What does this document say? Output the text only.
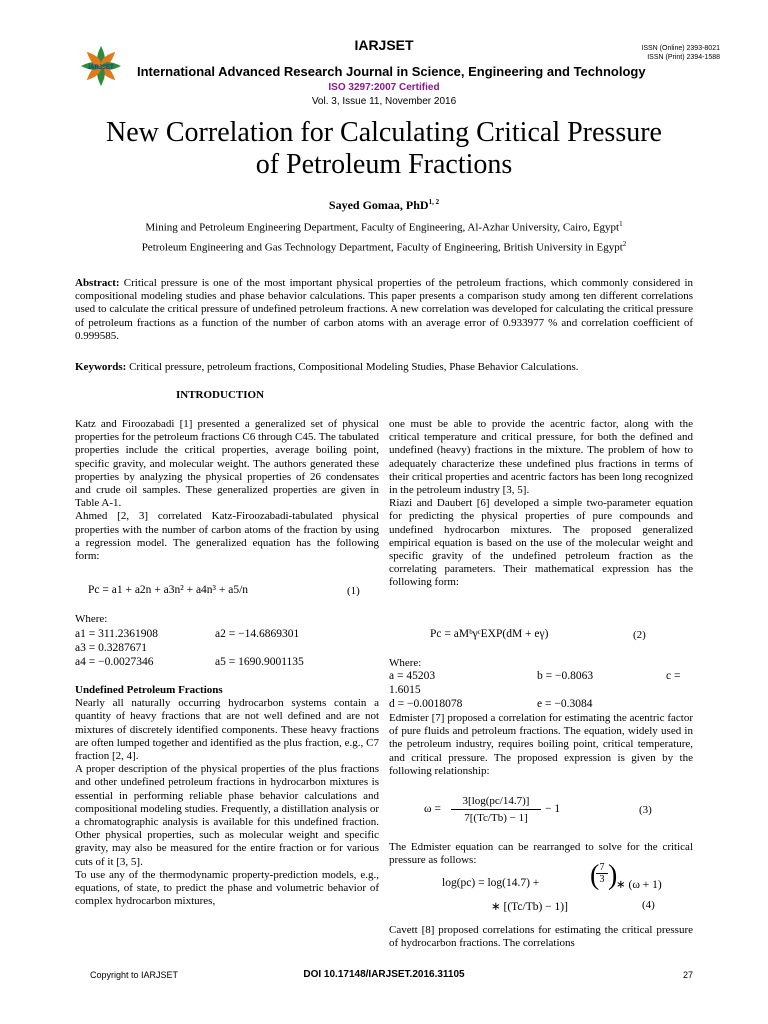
IARJSET
IARJSET	ISSN (Online) 2393-8021
ISSN (Print) 2394-1588
International Advanced Research Journal in Science, Engineering and Technology
ISO 3297:2007 Certified
Vol. 3, Issue 11, November 2016
New Correlation for Calculating Critical Pressure
of Petroleum Fractions
Sayed Gomaa, PhD$^{1, 2}$
Mining and Petroleum Engineering Department, Faculty of Engineering, Al-Azhar University, Cairo, Egypt$^1$
Petroleum Engineering and Gas Technology Department, Faculty of Engineering, British University in Egypt$^2$
Abstract: Critical pressure is one of the most important physical properties of the petroleum fractions, which commonly considered in compositional modeling studies and phase behavior calculations. This paper presents a comparison study among ten different correlations used to calculate the critical pressure of undefined petroleum fractions. A new correlation was developed for calculating the critical pressure of petroleum fractions as a function of the number of carbon atoms with an average error of 0.933977 % and correlation coefficient of 0.999585.
Keywords: Critical pressure, petroleum fractions, Compositional Modeling Studies, Phase Behavior Calculations.
INTRODUCTION

Katz and Firoozabadi [1] presented a generalized set of physical properties for the petroleum fractions C6 through C45. The tabulated properties include the critical properties, average boiling point, specific gravity, and molecular weight. The authors generated these properties by analyzing the physical properties of 26 condensates and crude oil samples. These generalized properties are given in Table A-1.

Ahmed [2, 3] correlated Katz-Firoozabadi-tabulated physical properties with the number of carbon atoms of the fraction by using a regression model. The generalized equation has the following form:

Pc = a1 + a2n + a3n² + a4n³ + a5/n	(1)
Where:
a1 = 311.2361908	a2 = −14.6869301
a3 = 0.3287671
a4 = −0.0027346	a5 = 1690.9001135

Undefined Petroleum Fractions

Nearly all naturally occurring hydrocarbon systems contain a quantity of heavy fractions that are not well defined and are not mixtures of discretely identified components. These heavy fractions are often lumped together and identified as the plus fraction, e.g., C7 fraction [2, 4].

A proper description of the physical properties of the plus fractions and other undefined petroleum fractions in hydrocarbon mixtures is essential in performing reliable phase behavior calculations and compositional modeling studies. Frequently, a distillation analysis or a chromatographic analysis is available for this undefined fraction. Other physical properties, such as molecular weight and specific gravity, may also be measured for the entire fraction or for various cuts of it [3, 5].

To use any of the thermodynamic property-prediction models, e.g., equations, of state, to predict the phase and volumetric behavior of complex hydrocarbon mixtures,

one must be able to provide the acentric factor, along with the critical temperature and critical pressure, for both the defined and undefined (heavy) fractions in the mixture. The problem of how to adequately characterize these undefined plus fractions in terms of their critical properties and acentric factors has been long recognized in the petroleum industry [3, 5].

Riazi and Daubert [6] developed a simple two-parameter equation for predicting the physical properties of pure compounds and undefined hydrocarbon mixtures. The proposed generalized empirical equation is based on the use of the molecular weight and specific gravity of the undefined petroleum fraction as the correlating parameters. Their mathematical expression has the following form:

Pc = aMᵇγᶜEXP(dM + eγ)	(2)
Where:
a = 45203	b = −0.8063	c =
1.6015
d = −0.0018078	e = −0.3084

Edmister [7] proposed a correlation for estimating the acentric factor of pure fluids and petroleum fractions. The equation, widely used in the petroleum industry, requires boiling point, critical temperature, and critical pressure. The proposed expression is given by the following relationship:

$\omega = \frac{3[\log(pc/14.7)]}{7[(Tc/Tb) - 1]} - 1$	(3)

The Edmister equation can be rearranged to solve for the critical pressure as follows:

log(pc) = log(14.7) +
7
3
( )
∗ (ω + 1)
∗ [(Tc/Tb) − 1)]	(4)

Cavett [8] proposed correlations for estimating the critical pressure of hydrocarbon fractions. The correlations

Copyright to IARJSET	DOI 10.17148/IARJSET.2016.31105	27
